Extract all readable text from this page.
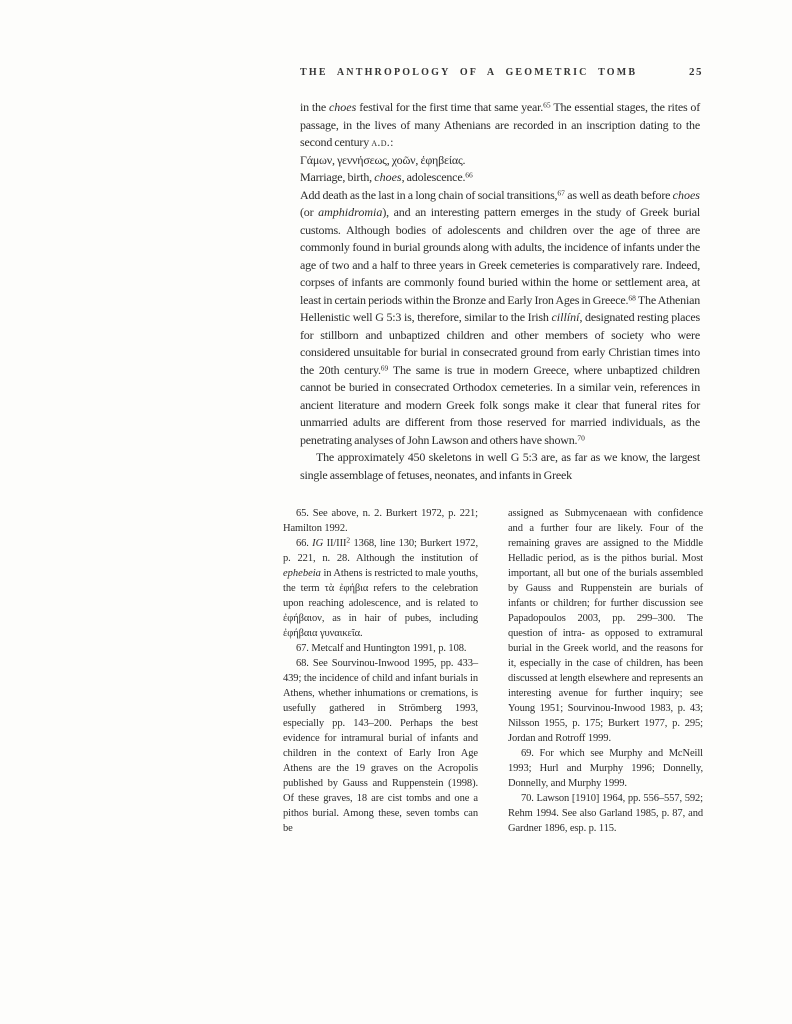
THE ANTHROPOLOGY OF A GEOMETRIC TOMB	25

in the choes festival for the first time that same year.$^{65}$ The essential stages, the rites of passage, in the lives of many Athenians are recorded in an inscription dating to the second century a.d.:

Γάμων, γεννήσεως, χοῶν, ἐφηβείας.

Marriage, birth, choes, adolescence.$^{66}$

Add death as the last in a long chain of social transitions,$^{67}$ as well as death before choes (or amphidromia), and an interesting pattern emerges in the study of Greek burial customs. Although bodies of adolescents and children over the age of three are commonly found in burial grounds along with adults, the incidence of infants under the age of two and a half to three years in Greek cemeteries is comparatively rare. Indeed, corpses of infants are commonly found buried within the home or settlement area, at least in certain periods within the Bronze and Early Iron Ages in Greece.$^{68}$ The Athenian Hellenistic well G 5:3 is, therefore, similar to the Irish cillíní, designated resting places for stillborn and unbaptized children and other members of society who were considered unsuitable for burial in consecrated ground from early Christian times into the 20th century.$^{69}$ The same is true in modern Greece, where unbaptized children cannot be buried in consecrated Orthodox cemeteries. In a similar vein, references in ancient literature and modern Greek folk songs make it clear that funeral rites for unmarried adults are different from those reserved for married individuals, as the penetrating analyses of John Lawson and others have shown.$^{70}$

The approximately 450 skeletons in well G 5:3 are, as far as we know, the largest single assemblage of fetuses, neonates, and infants in Greek

65. See above, n. 2. Burkert 1972, p. 221; Hamilton 1992.

66. IG II/III$^2$ 1368, line 130; Burkert 1972, p. 221, n. 28. Although the institution of ephebeia in Athens is restricted to male youths, the term τὰ ἐφήβια refers to the celebration upon reaching adolescence, and is related to ἐφήβαιον, as in hair of pubes, including ἐφήβαια γυναικεῖα.

67. Metcalf and Huntington 1991, p. 108.

68. See Sourvinou-Inwood 1995, pp. 433–439; the incidence of child and infant burials in Athens, whether inhumations or cremations, is usefully gathered in Strömberg 1993, especially pp. 143–200. Perhaps the best evidence for intramural burial of infants and children in the context of Early Iron Age Athens are the 19 graves on the Acropolis published by Gauss and Ruppenstein (1998). Of these graves, 18 are cist tombs and one a pithos burial. Among these, seven tombs can be

assigned as Submycenaean with confidence and a further four are likely. Four of the remaining graves are assigned to the Middle Helladic period, as is the pithos burial. Most important, all but one of the burials assembled by Gauss and Ruppenstein are burials of infants or children; for further discussion see Papadopoulos 2003, pp. 299–300. The question of intra- as opposed to extramural burial in the Greek world, and the reasons for it, especially in the case of children, has been discussed at length elsewhere and represents an interesting avenue for further inquiry; see Young 1951; Sourvinou-Inwood 1983, p. 43; Nilsson 1955, p. 175; Burkert 1977, p. 295; Jordan and Rotroff 1999.

69. For which see Murphy and McNeill 1993; Hurl and Murphy 1996; Donnelly, Donnelly, and Murphy 1999.

70. Lawson [1910] 1964, pp. 556–557, 592; Rehm 1994. See also Garland 1985, p. 87, and Gardner 1896, esp. p. 115.
